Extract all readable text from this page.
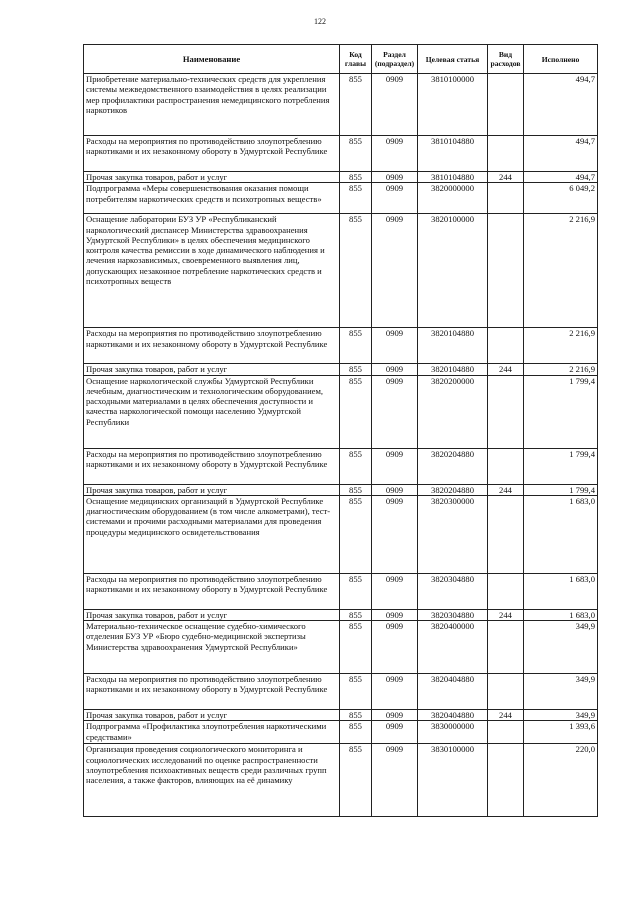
122
Наименование	Код главы	Раздел (подраздел)	Целевая статья	Вид расходов	Исполнено
Приобретение материально-технических средств для укрепления системы межведомственного взаимодействия в целях реализации мер профилактики распространения немедицинского потребления наркотиков	855	0909	3810100000		494,7
Расходы на мероприятия по противодействию злоупотреблению наркотиками и их незаконному обороту в Удмуртской Республике	855	0909	3810104880		494,7
Прочая закупка товаров, работ и услуг	855	0909	3810104880	244	494,7
Подпрограмма «Меры совершенствования оказания помощи потребителям наркотических средств и психотропных веществ»	855	0909	3820000000		6 049,2
Оснащение лаборатории БУЗ УР «Республиканский наркологический диспансер Министерства здравоохранения Удмуртской Республики» в целях обеспечения медицинского контроля качества ремиссии в ходе динамического наблюдения и лечения наркозависимых, своевременного выявления лиц, допускающих незаконное потребление наркотических средств и психотропных веществ	855	0909	3820100000		2 216,9
Расходы на мероприятия по противодействию злоупотреблению наркотиками и их незаконному обороту в Удмуртской Республике	855	0909	3820104880		2 216,9
Прочая закупка товаров, работ и услуг	855	0909	3820104880	244	2 216,9
Оснащение наркологической службы Удмуртской Республики лечебным, диагностическим и технологическим оборудованием, расходными материалами в целях обеспечения доступности и качества наркологической помощи населению Удмуртской Республики	855	0909	3820200000		1 799,4
Расходы на мероприятия по противодействию злоупотреблению наркотиками и их незаконному обороту в Удмуртской Республике	855	0909	3820204880		1 799,4
Прочая закупка товаров, работ и услуг	855	0909	3820204880	244	1 799,4
Оснащение медицинских организаций в Удмуртской Республике диагностическим оборудованием (в том числе алкометрами), тест-системами и прочими расходными материалами для проведения процедуры медицинского освидетельствования	855	0909	3820300000		1 683,0
Расходы на мероприятия по противодействию злоупотреблению наркотиками и их незаконному обороту в Удмуртской Республике	855	0909	3820304880		1 683,0
Прочая закупка товаров, работ и услуг	855	0909	3820304880	244	1 683,0
Материально-техническое оснащение судебно-химического отделения БУЗ УР «Бюро судебно-медицинской экспертизы Министерства здравоохранения Удмуртской Республики»	855	0909	3820400000		349,9
Расходы на мероприятия по противодействию злоупотреблению наркотиками и их незаконному обороту в Удмуртской Республике	855	0909	3820404880		349,9
Прочая закупка товаров, работ и услуг	855	0909	3820404880	244	349,9
Подпрограмма «Профилактика злоупотребления наркотическими средствами»	855	0909	3830000000		1 393,6
Организация проведения социологического мониторинга и социологических исследований по оценке распространенности злоупотребления психоактивных веществ среди различных групп населения, а также факторов, влияющих на её динамику	855	0909	3830100000		220,0
